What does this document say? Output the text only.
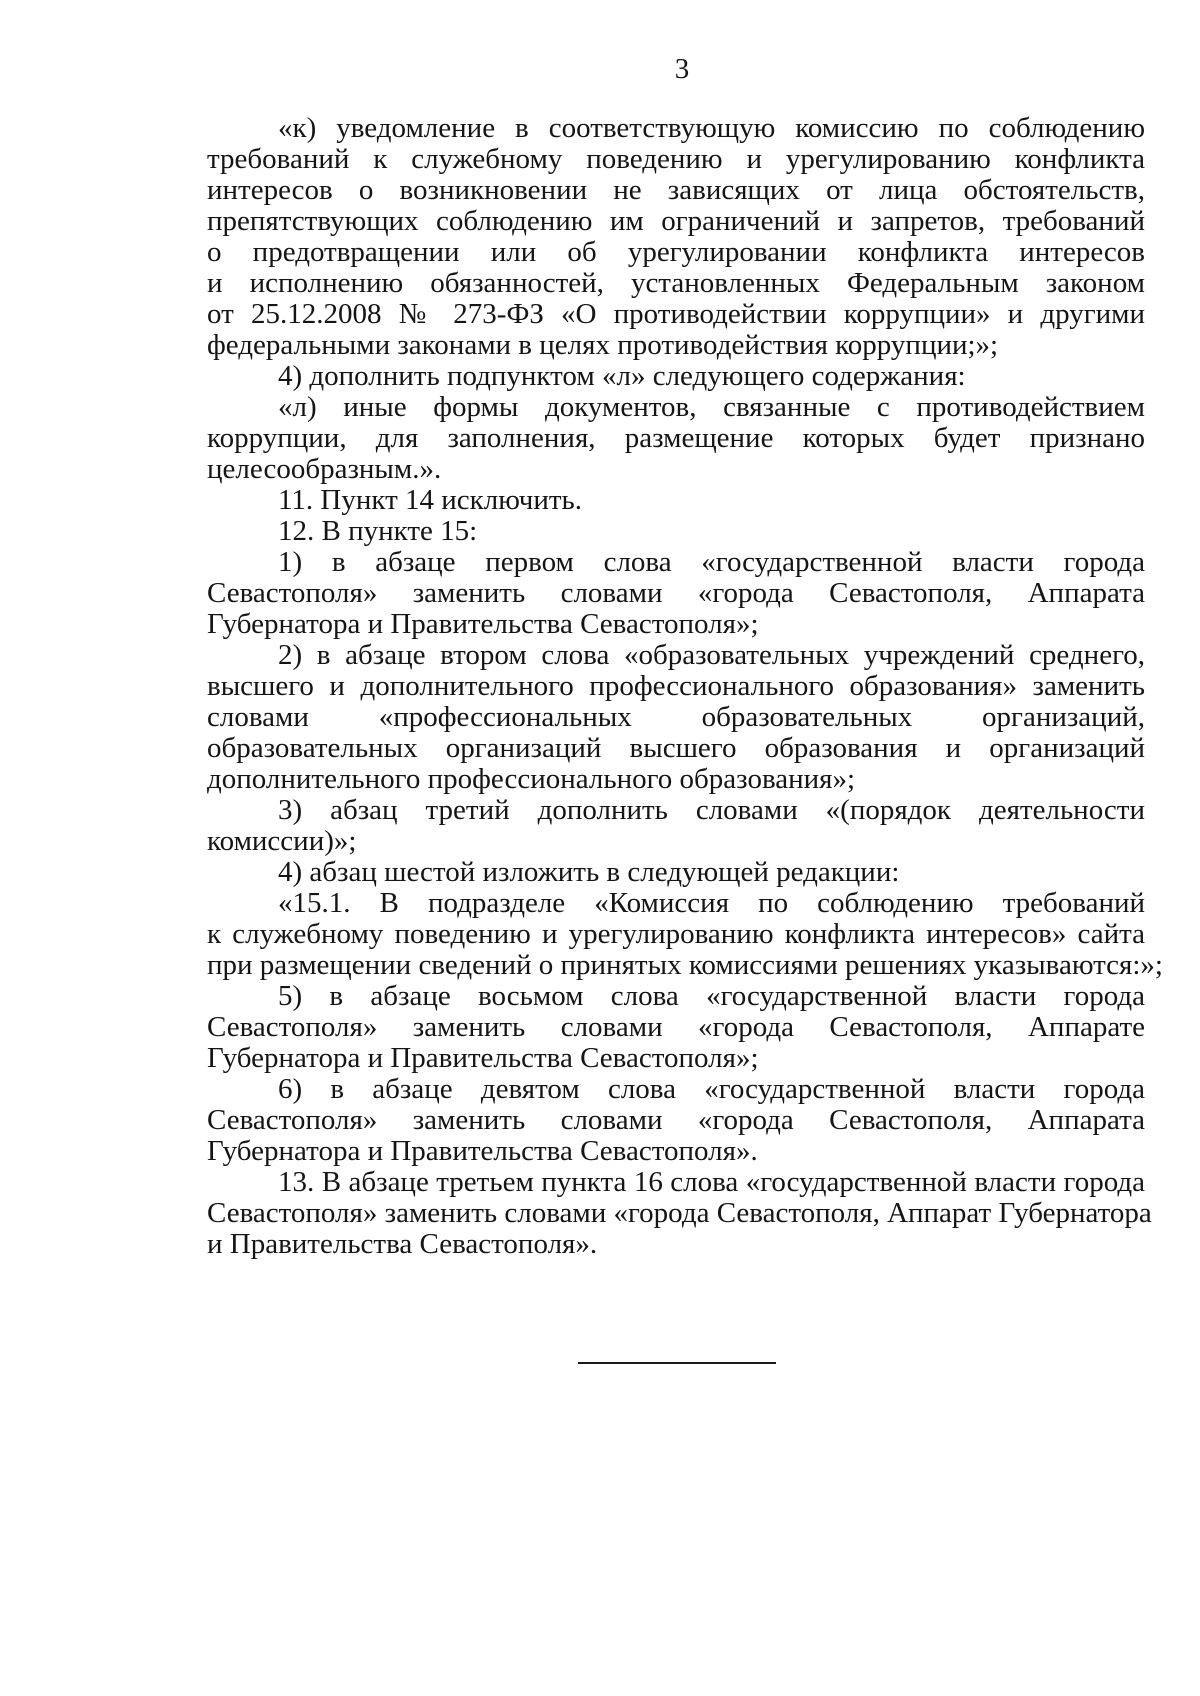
3
«к) уведомление в соответствующую комиссию по соблюдению
требований к служебному поведению и урегулированию конфликта
интересов о возникновении не зависящих от лица обстоятельств,
препятствующих соблюдению им ограничений и запретов, требований
о предотвращении или об урегулировании конфликта интересов
и исполнению обязанностей, установленных Федеральным законом
от 25.12.2008 № 273-ФЗ «О противодействии коррупции» и другими
федеральными законами в целях противодействия коррупции;»;
4) дополнить подпунктом «л» следующего содержания:
«л) иные формы документов, связанные с противодействием
коррупции, для заполнения, размещение которых будет признано
целесообразным.».
11. Пункт 14 исключить.
12. В пункте 15:
1) в абзаце первом слова «государственной власти города
Севастополя» заменить словами «города Севастополя, Аппарата
Губернатора и Правительства Севастополя»;
2) в абзаце втором слова «образовательных учреждений среднего,
высшего и дополнительного профессионального образования» заменить
словами «профессиональных образовательных организаций,
образовательных организаций высшего образования и организаций
дополнительного профессионального образования»;
3) абзац третий дополнить словами «(порядок деятельности
комиссии)»;
4) абзац шестой изложить в следующей редакции:
«15.1. В подразделе «Комиссия по соблюдению требований
к служебному поведению и урегулированию конфликта интересов» сайта
при размещении сведений о принятых комиссиями решениях указываются:»;
5) в абзаце восьмом слова «государственной власти города
Севастополя» заменить словами «города Севастополя, Аппарате
Губернатора и Правительства Севастополя»;
6) в абзаце девятом слова «государственной власти города
Севастополя» заменить словами «города Севастополя, Аппарата
Губернатора и Правительства Севастополя».
13. В абзаце третьем пункта 16 слова «государственной власти города
Севастополя» заменить словами «города Севастополя, Аппарат Губернатора
и Правительства Севастополя».
